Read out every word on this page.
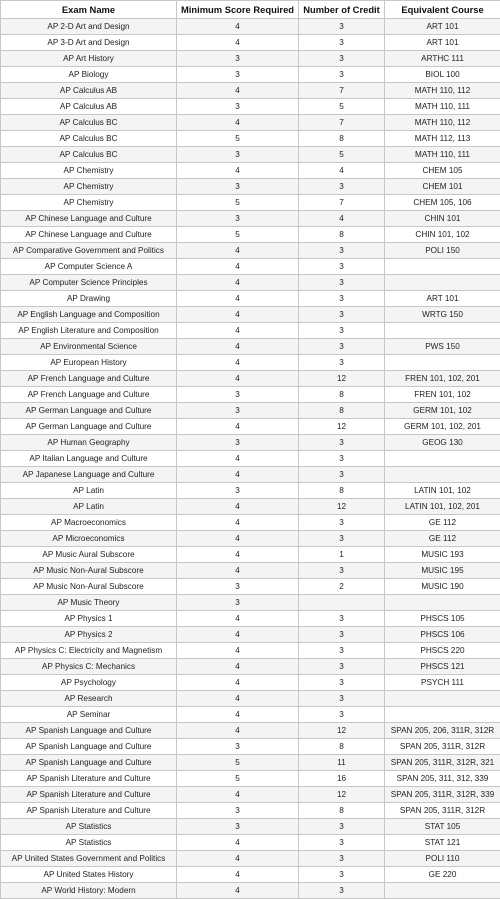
Exam Name	Minimum Score Required	Number of Credit	Equivalent Course
AP 2-D Art and Design	4	3	ART 101
AP 3-D Art and Design	4	3	ART 101
AP Art History	3	3	ARTHC 111
AP Biology	3	3	BIOL 100
AP Calculus AB	4	7	MATH 110, 112
AP Calculus AB	3	5	MATH 110, 111
AP Calculus BC	4	7	MATH 110, 112
AP Calculus BC	5	8	MATH 112, 113
AP Calculus BC	3	5	MATH 110, 111
AP Chemistry	4	4	CHEM 105
AP Chemistry	3	3	CHEM 101
AP Chemistry	5	7	CHEM 105, 106
AP Chinese Language and Culture	3	4	CHIN 101
AP Chinese Language and Culture	5	8	CHIN 101, 102
AP Comparative Government and Politics	4	3	POLI 150
AP Computer Science A	4	3	
AP Computer Science Principles	4	3	
AP Drawing	4	3	ART 101
AP English Language and Composition	4	3	WRTG 150
AP English Literature and Composition	4	3	
AP Environmental Science	4	3	PWS 150
AP European History	4	3	
AP French Language and Culture	4	12	FREN 101, 102, 201
AP French Language and Culture	3	8	FREN 101, 102
AP German Language and Culture	3	8	GERM 101, 102
AP German Language and Culture	4	12	GERM 101, 102, 201
AP Human Geography	3	3	GEOG 130
AP Italian Language and Culture	4	3	
AP Japanese Language and Culture	4	3	
AP Latin	3	8	LATIN 101, 102
AP Latin	4	12	LATIN 101, 102, 201
AP Macroeconomics	4	3	GE 112
AP Microeconomics	4	3	GE 112
AP Music Aural Subscore	4	1	MUSIC 193
AP Music Non-Aural Subscore	4	3	MUSIC 195
AP Music Non-Aural Subscore	3	2	MUSIC 190
AP Music Theory	3		
AP Physics 1	4	3	PHSCS 105
AP Physics 2	4	3	PHSCS 106
AP Physics C: Electricity and Magnetism	4	3	PHSCS 220
AP Physics C: Mechanics	4	3	PHSCS 121
AP Psychology	4	3	PSYCH 111
AP Research	4	3	
AP Seminar	4	3	
AP Spanish Language and Culture	4	12	SPAN 205, 206, 311R, 312R
AP Spanish Language and Culture	3	8	SPAN 205, 311R, 312R
AP Spanish Language and Culture	5	11	SPAN 205, 311R, 312R, 321
AP Spanish Literature and Culture	5	16	SPAN 205, 311, 312, 339
AP Spanish Literature and Culture	4	12	SPAN 205, 311R, 312R, 339
AP Spanish Literature and Culture	3	8	SPAN 205, 311R, 312R
AP Statistics	3	3	STAT 105
AP Statistics	4	3	STAT 121
AP United States Government and Politics	4	3	POLI 110
AP United States History	4	3	GE 220
AP World History: Modern	4	3	
